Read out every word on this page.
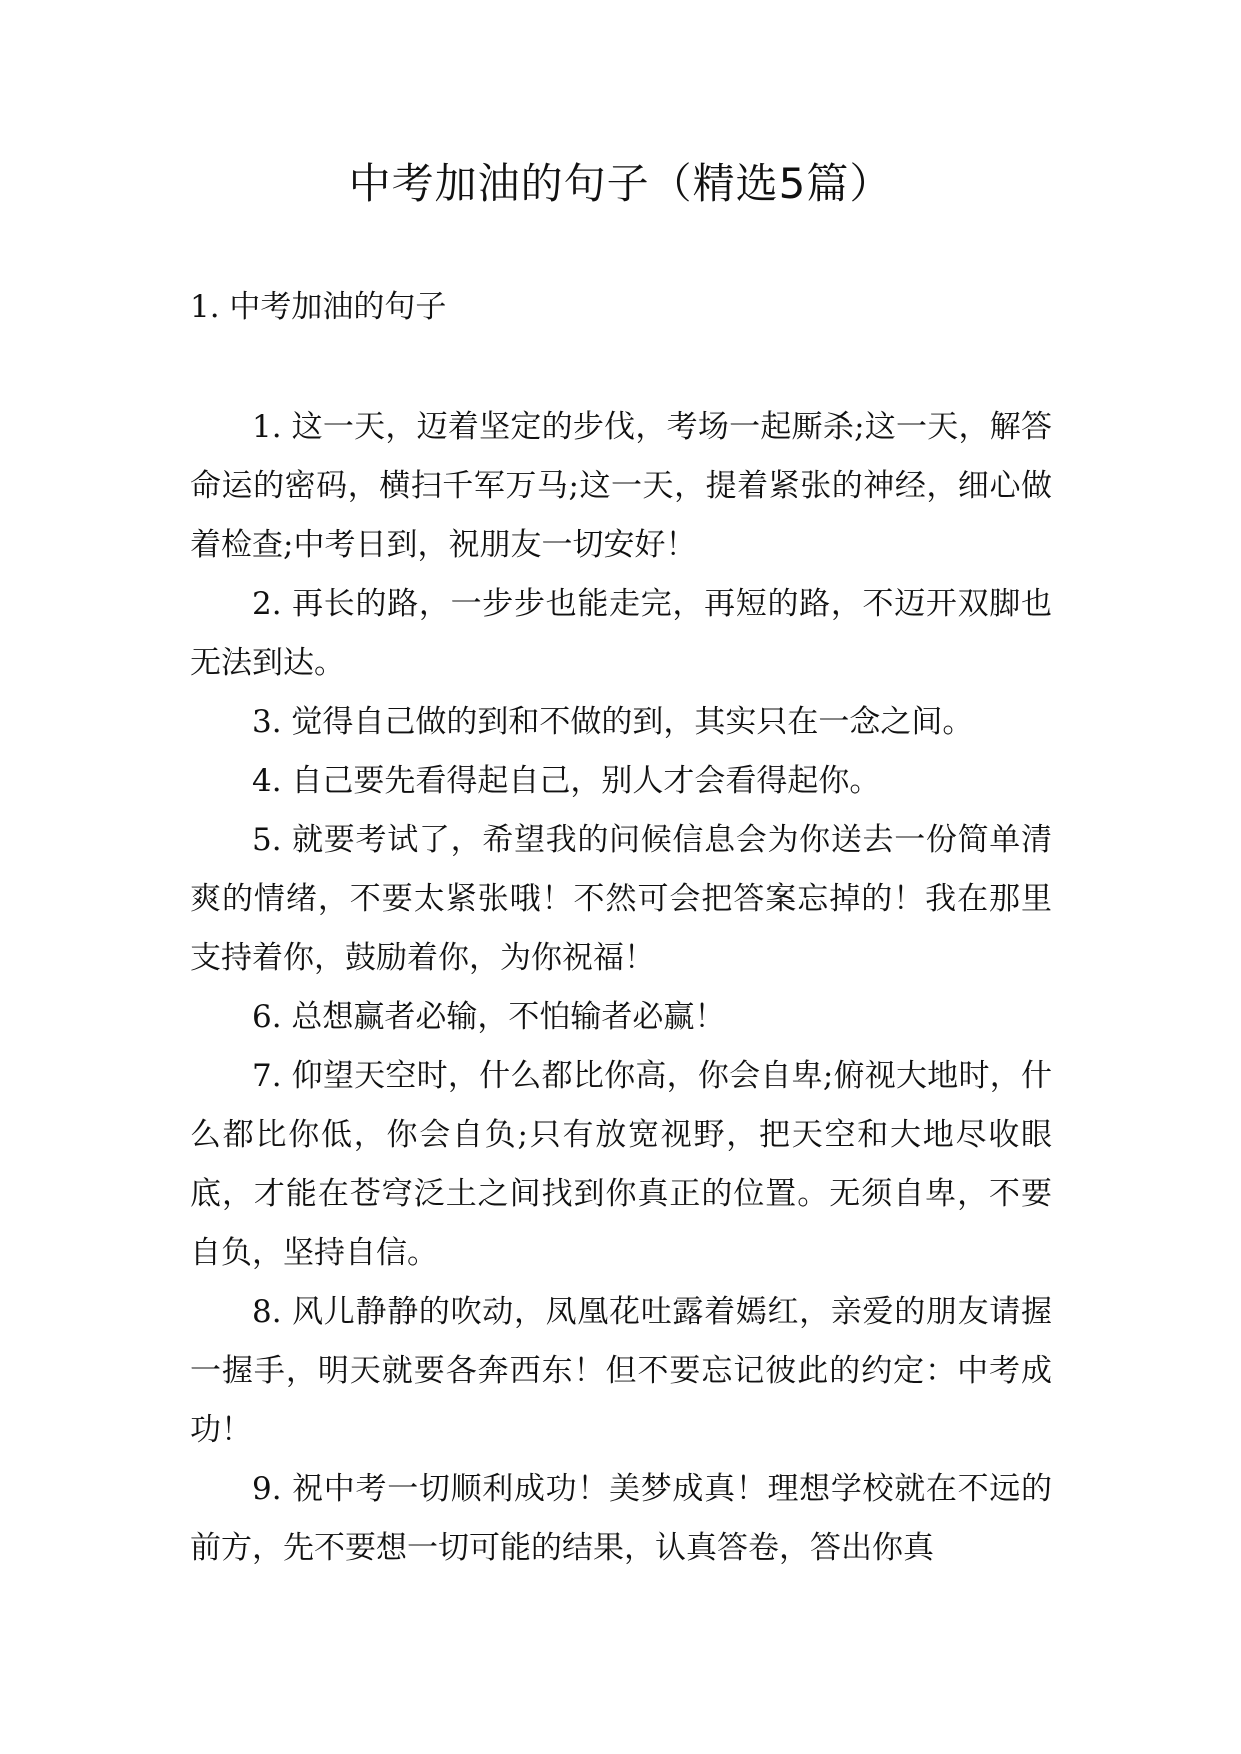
中考加油的句子（精选5篇）
1. 中考加油的句子

1. 这一天，迈着坚定的步伐，考场一起厮杀;这一天，解答命运的密码，横扫千军万马;这一天，提着紧张的神经，细心做着检查;中考日到，祝朋友一切安好！

2. 再长的路，一步步也能走完，再短的路，不迈开双脚也无法到达。

3. 觉得自己做的到和不做的到，其实只在一念之间。

4. 自己要先看得起自己，别人才会看得起你。

5. 就要考试了，希望我的问候信息会为你送去一份简单清爽的情绪，不要太紧张哦！不然可会把答案忘掉的！我在那里支持着你，鼓励着你，为你祝福！

6. 总想赢者必输，不怕输者必赢！

7. 仰望天空时，什么都比你高，你会自卑;俯视大地时，什么都比你低，你会自负;只有放宽视野，把天空和大地尽收眼底，才能在苍穹泛土之间找到你真正的位置。无须自卑，不要自负，坚持自信。

8. 风儿静静的吹动，凤凰花吐露着嫣红，亲爱的朋友请握一握手，明天就要各奔西东！但不要忘记彼此的约定：中考成功！

9. 祝中考一切顺利成功！美梦成真！理想学校就在不远的前方，先不要想一切可能的结果，认真答卷，答出你真
